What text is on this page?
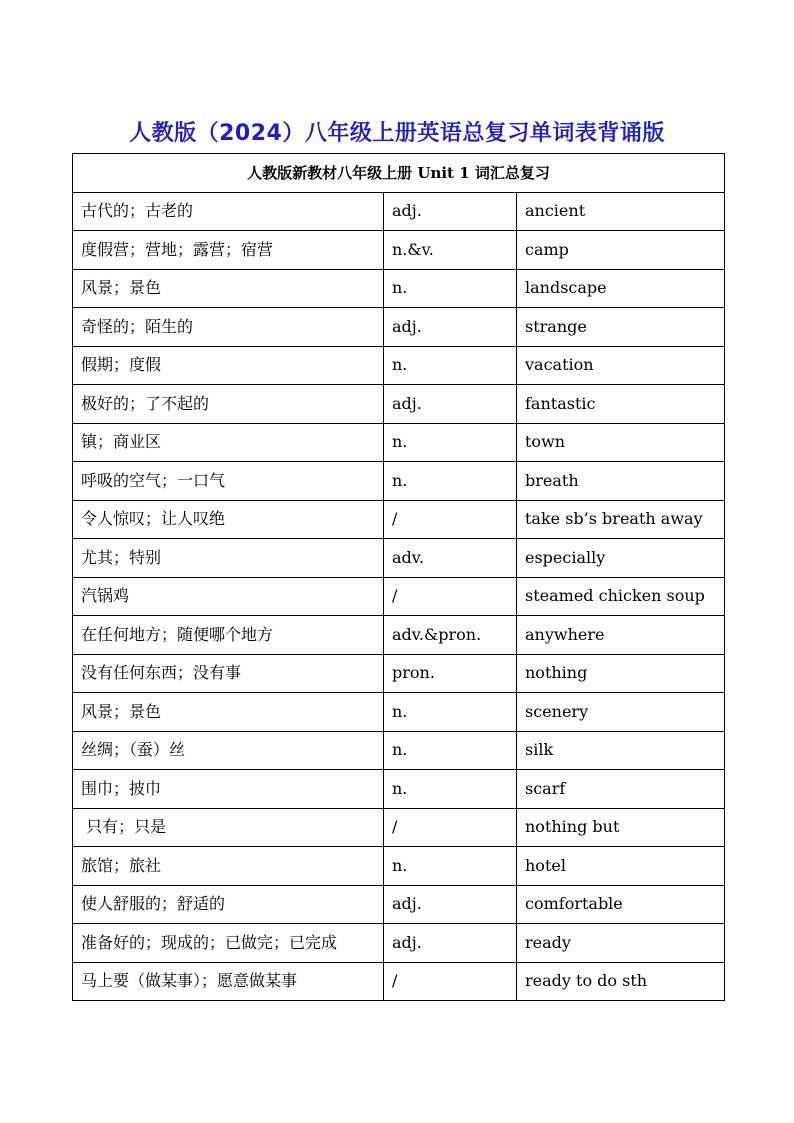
人教版（2024）八年级上册英语总复习单词表背诵版
人教版新教材八年级上册 Unit 1 词汇总复习		
古代的；古老的	adj.	ancient
度假营；营地；露营；宿营	n.&v.	camp
风景；景色	n.	landscape
奇怪的；陌生的	adj.	strange
假期；度假	n.	vacation
极好的；了不起的	adj.	fantastic
镇；商业区	n.	town
呼吸的空气；一口气	n.	breath
令人惊叹；让人叹绝	/	take sb’s breath away
尤其；特别	adv.	especially
汽锅鸡	/	steamed chicken soup
在任何地方；随便哪个地方	adv.&pron.	anywhere
没有任何东西；没有事	pron.	nothing
风景；景色	n.	scenery
丝绸；（蚕）丝	n.	silk
围巾；披巾	n.	scarf
只有；只是	/	nothing but
旅馆；旅社	n.	hotel
使人舒服的；舒适的	adj.	comfortable
准备好的；现成的；已做完；已完成	adj.	ready
马上要（做某事）；愿意做某事	/	ready to do sth
